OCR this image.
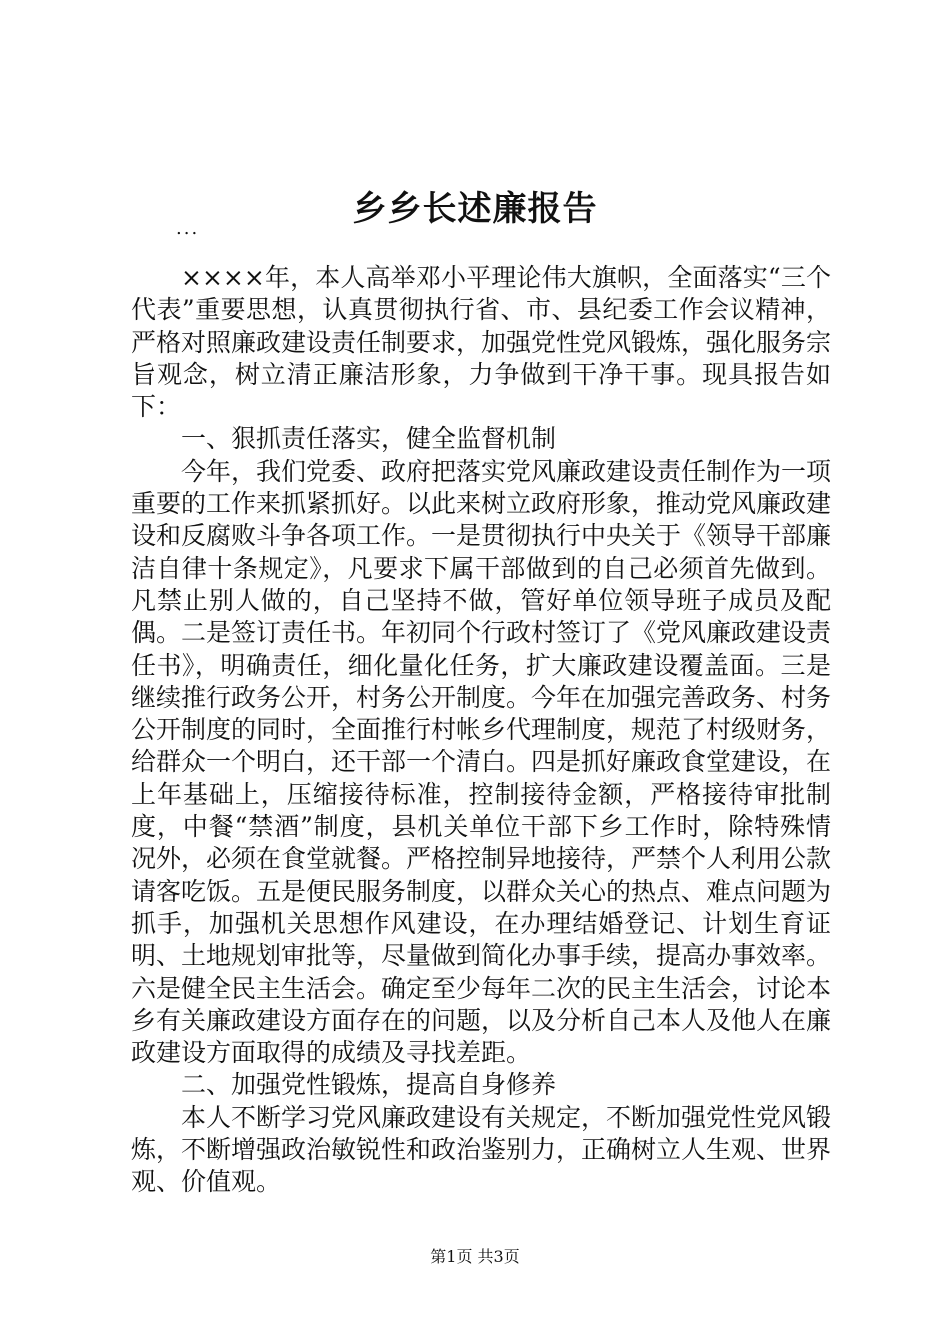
乡乡长述廉报告
...

××××年，本人高举邓小平理论伟大旗帜，全面落实“三个代表”重要思想，认真贯彻执行省、市、县纪委工作会议精神，严格对照廉政建设责任制要求，加强党性党风锻炼，强化服务宗旨观念，树立清正廉洁形象，力争做到干净干事。现具报告如下：

一、狠抓责任落实，健全监督机制

今年，我们党委、政府把落实党风廉政建设责任制作为一项重要的工作来抓紧抓好。以此来树立政府形象，推动党风廉政建设和反腐败斗争各项工作。一是贯彻执行中央关于《领导干部廉洁自律十条规定》，凡要求下属干部做到的自己必须首先做到。凡禁止别人做的，自己坚持不做，管好单位领导班子成员及配偶。二是签订责任书。年初同个行政村签订了《党风廉政建设责任书》，明确责任，细化量化任务，扩大廉政建设覆盖面。三是继续推行政务公开，村务公开制度。今年在加强完善政务、村务公开制度的同时，全面推行村帐乡代理制度，规范了村级财务，给群众一个明白，还干部一个清白。四是抓好廉政食堂建设，在上年基础上，压缩接待标准，控制接待金额，严格接待审批制度，中餐“禁酒”制度，县机关单位干部下乡工作时，除特殊情况外，必须在食堂就餐。严格控制异地接待，严禁个人利用公款请客吃饭。五是便民服务制度，以群众关心的热点、难点问题为抓手，加强机关思想作风建设，在办理结婚登记、计划生育证明、土地规划审批等，尽量做到简化办事手续，提高办事效率。六是健全民主生活会。确定至少每年二次的民主生活会，讨论本乡有关廉政建设方面存在的问题，以及分析自己本人及他人在廉政建设方面取得的成绩及寻找差距。

二、加强党性锻炼，提高自身修养

本人不断学习党风廉政建设有关规定，不断加强党性党风锻炼，不断增强政治敏锐性和政治鉴别力，正确树立人生观、世界观、价值观。

第1页 共3页
